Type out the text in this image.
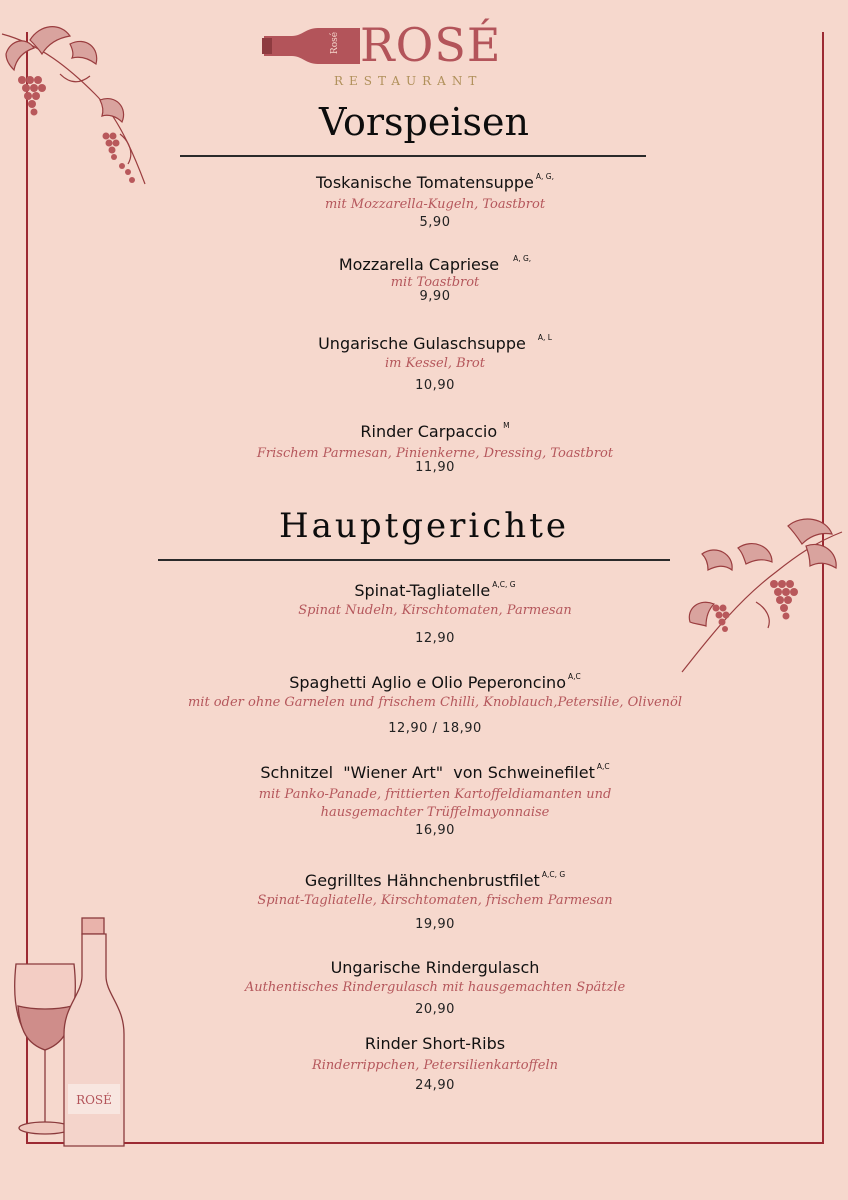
ROSÉ
Rosé ROSÉ
RESTAURANT
Vorspeisen
Toskanische Tomatensuppe $^{A, G,}$
mit Mozzarella-Kugeln, Toastbrot
5,90
Mozzarella Capriese $^{A, G,}$
mit Toastbrot
9,90
Ungarische Gulaschsuppe $^{A, L}$
im Kessel, Brot
10,90
Rinder Carpaccio $^M$
Frischem Parmesan, Pinienkerne, Dressing, Toastbrot
11,90
Hauptgerichte
Spinat-Tagliatelle $^{A,C, G}$
Spinat Nudeln, Kirschtomaten, Parmesan
12,90
Spaghetti Aglio e Olio Peperoncino $^{A,C}$
mit oder ohne Garnelen und frischem Chilli, Knoblauch,Petersilie, Olivenöl
12,90 / 18,90
Schnitzel  "Wiener Art"  von Schweinefilet $^{A,C}$
mit Panko-Panade, frittierten Kartoffeldiamanten und
hausgemachter Trüffelmayonnaise
16,90
Gegrilltes Hähnchenbrustfilet $^{A,C, G}$
Spinat-Tagliatelle, Kirschtomaten, frischem Parmesan
19,90
Ungarische Rindergulasch
Authentisches Rindergulasch mit hausgemachten Spätzle
20,90
Rinder Short-Ribs
Rinderrippchen, Petersilienkartoffeln
24,90
